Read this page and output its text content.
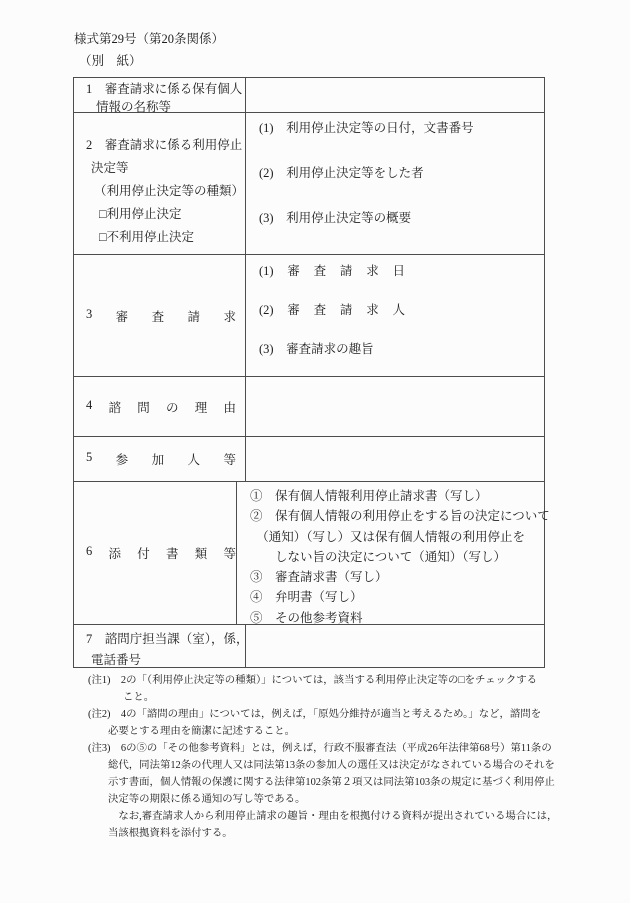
様式第29号（第20条関係）
（別　紙）
1　審査請求に係る保有個人
情報の名称等
2　審査請求に係る利用停止
決定等
（利用停止決定等の種類）
□利用停止決定
□不利用停止決定
(1)　利用停止決定等の日付，文書番号
(2)　利用停止決定等をした者
(3)　利用停止決定等の概要
3 審 査 請 求
(1) 審 査 請 求 日
(2) 審 査 請 求 人
(3)　審査請求の趣旨
4 諮 問 の 理 由
5 参 加 人 等
6 添 付 書 類 等
①　保有個人情報利用停止請求書（写し）
②　保有個人情報の利用停止をする旨の決定について
　（通知）（写し）又は保有個人情報の利用停止を
　　しない旨の決定について（通知）（写し）
③　審査請求書（写し）
④　弁明書（写し）
⑤　その他参考資料
7　諮問庁担当課（室），係，
電話番号
(注1)　2の「（利用停止決定等の種類）」については，該当する利用停止決定等の□をチェックする
こと。
(注2)　4の「諮問の理由」については，例えば，「原処分維持が適当と考えるため。」など，諮問を
必要とする理由を簡潔に記述すること。
(注3)　6の⑤の「その他参考資料」とは，例えば，行政不服審査法（平成26年法律第68号）第11条の
総代，同法第12条の代理人又は同法第13条の参加人の選任又は決定がなされている場合のそれを
示す書面，個人情報の保護に関する法律第102条第２項又は同法第103条の規定に基づく利用停止
決定等の期限に係る通知の写し等である。
　なお,審査請求人から利用停止請求の趣旨・理由を根拠付ける資料が提出されている場合には，
当該根拠資料を添付する。
